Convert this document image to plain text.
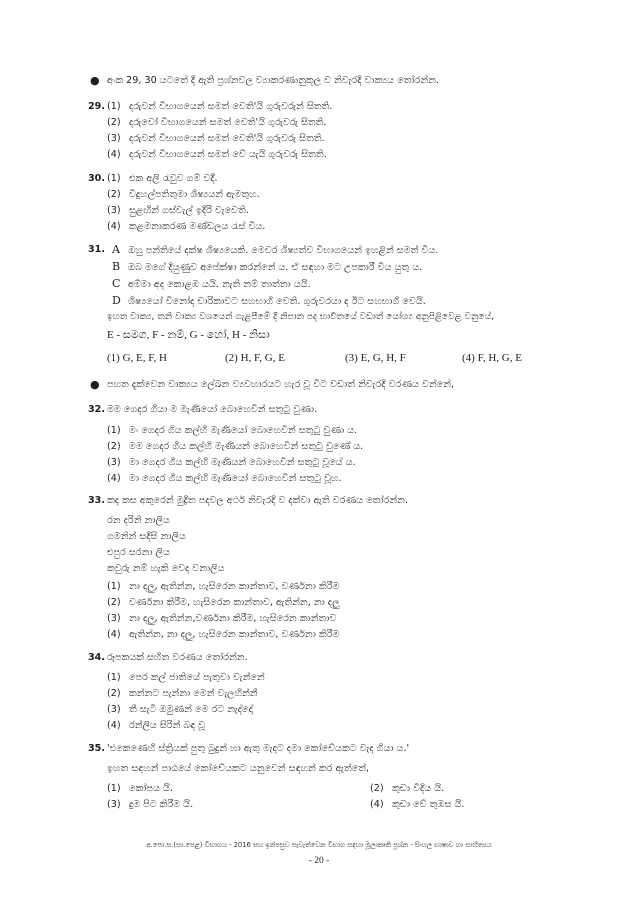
● අංක 29, 30 යටතේ දී ඇති ප්‍රශ්නවල ව්‍යාකරණානුකූල ව නිවැරදි වාක්‍යය තෝරන්න.
29. (1) දරුවන් විභාගයෙන් සමත් වෙති'යි ගුරුවරුන් සිතති.
(2) දරුවෝ විභාගයෙන් සමත් වෙති'යි ගුරුවරු සිතති.
(3) දරුවන් විභාගයෙන් සමත් වෙති'යි ගුරුවරු සිතති.
(4) දරුවන් විභාගයෙන් සමත් වේ යැයි ගුරුවරු සිතති.
30. (1) එක අලි රැවුව ගම් වදී.
(2) විදුහල්පතිතුමා ශිෂ්‍යයන් ඇමතුහ.
(3) සුළඟින් ගස්වැල් ඉදිරි වැවෙති.
(4) කළමනාකරණ මණ්ඩලය රැස් විය.
31. A ඔහු පන්තියේ දක්ෂ ශිෂ්‍යයෙකි. මෙවර ශිෂ්‍යත්ව විභාගයෙන් ඉහළින් සමත් විය.
B ඔබ මගේ දියුණුව අපේක්ෂා කරන්නේ ය. ඒ සඳහා මට උපකාරී විය යුතු ය.
C අම්මා අද කොළඹ යයි. නැති නම් තාත්තා යයි.
D ශිෂ්‍යයෝ විනෝද චාරිකාවට සහභාගි වෙති. ගුරුවරයා ද ඊට සහභාගි වෙයි.
ඉහත වාක්‍ය, තනි වාක්‍ය වශයෙන් ගැළපීමේ දී නිපාත පද භාවිතයේ වඩාත් යෝග්‍ය අනුපිළිවෙළ වනුයේ,
E - සමග, F - නම්, G - හෝ, H - නිසා
(1) G, E, F, H	(2) H, F, G, E	(3) E, G, H, F	(4) F, H, G, E
● පහත දැක්වෙන වාක්‍යය ලේඛන ව්‍යවහාරයට හැර වූ විට වඩාත් නිවැරදි වරණය වන්නේ,
32. මම ගෙදර ගියා ම මැණියෝ බොහෙවින් සතුටු වුණා.
(1) මං ගෙදර ගිය කල්හි මැණියෝ බොහෙවින් සතුටු වුණා ය.
(2) මම ගෙදර ගිය කල්හි මැණියන් බොහෙවින් සතුටු වුණේ ය.
(3) මා ගෙදර ගිය කල්හි මැණියන් බොහෙවින් සතුටු වූයේ ය.
(4) මා ගෙදර ගිය කල්හි මැණියෝ බොහෙවින් සතුටු වූහ.
33. කද කස අකුරෙන් මුද්‍රිත පදවල අර්ථ නිවැරදි ව දක්වා ඇති වරණය තෝරන්න.
රන දරිනි නාලිය
ගමනින් සදිසි නාලිය
එපුර සරනා ලිය
කවුරු නම් හැකි වෙද වනාලිය
(1) නා දලු, ඇතින්න, හැසිරෙන කාන්තාව, වර්ණනා කිරීම
(2) වර්ණනා කිරීම, හැසිරෙන කාන්තාව, ඇතින්න, නා දලු
(3) නා දලු, ඇතින්න,වර්ණනා කිරීම, හැසිරෙන කාන්තාව
(4) ඇතින්න, නා දලු, හැසිරෙන කාන්තාව, වර්ණනා කිරීම
34. රූපකයක් සහිත වරණය තෝරන්න.
(1) පෙර කල් ජාතියේ පැතුවා වැන්නේ
(2) කන්නට පැන්නා මෙන් වැලහින්නී
(3) තී සැටි ඔමුණන් මෙ රට නැද්දෝ
(4) රන්ලිය සිරින් බඳ වූ
35. 'එකෙණෙහි ස්ත්‍රියක් පුතු බුදුන් හා ඇතු මැදට දමා කෝචේයකට වැද ගියා ය.'
ඉහත සඳහන් පාඨයේ කෝචේයකට යනුවෙන් සඳහන් කර ඇත්තේ,
(1) කෝපය යි.	(2) කුඩා විදිය යි.
(3) දුම පිට කිරීම යි.	(4) කුඩා වේ තුඹස යි.
අ.පො.ස.(සා.පෙළ) විභාගය - 2016 සහ ඉන්පසුව පැවැත්වෙන විභාග සඳහා මූලාකෘති ප්‍රශ්න - සිංහල භාෂාව හා සාහිත්‍යය
- 20 -
